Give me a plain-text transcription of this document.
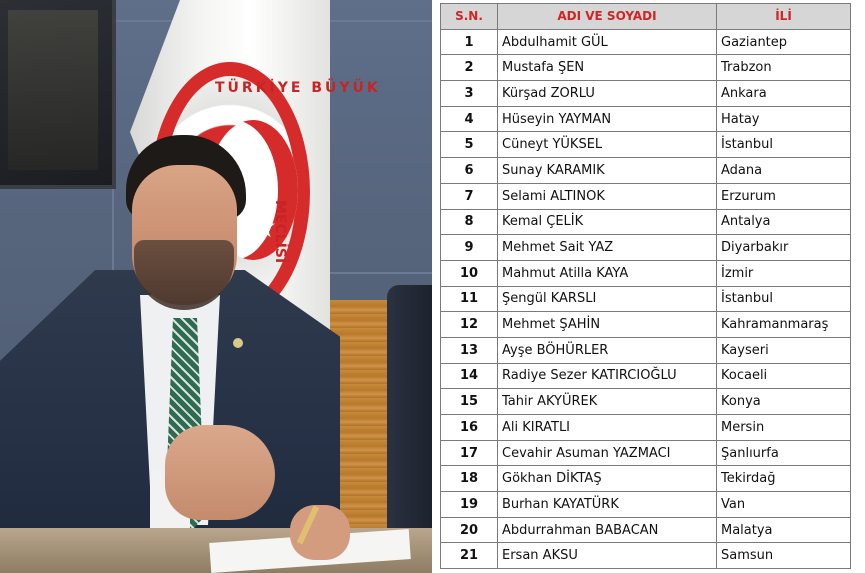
★
TÜRKİYE BÜYÜK
MECLİSİ
S.N.	ADI VE SOYADI	İLİ
1	Abdulhamit GÜL	Gaziantep
2	Mustafa ŞEN	Trabzon
3	Kürşad ZORLU	Ankara
4	Hüseyin YAYMAN	Hatay
5	Cüneyt YÜKSEL	İstanbul
6	Sunay KARAMIK	Adana
7	Selami ALTINOK	Erzurum
8	Kemal ÇELİK	Antalya
9	Mehmet Sait YAZ	Diyarbakır
10	Mahmut Atilla KAYA	İzmir
11	Şengül KARSLI	İstanbul
12	Mehmet ŞAHİN	Kahramanmaraş
13	Ayşe BÖHÜRLER	Kayseri
14	Radiye Sezer KATIRCIOĞLU	Kocaeli
15	Tahir AKYÜREK	Konya
16	Ali KIRATLI	Mersin
17	Cevahir Asuman YAZMACI	Şanlıurfa
18	Gökhan DİKTAŞ	Tekirdağ
19	Burhan KAYATÜRK	Van
20	Abdurrahman BABACAN	Malatya
21	Ersan AKSU	Samsun
